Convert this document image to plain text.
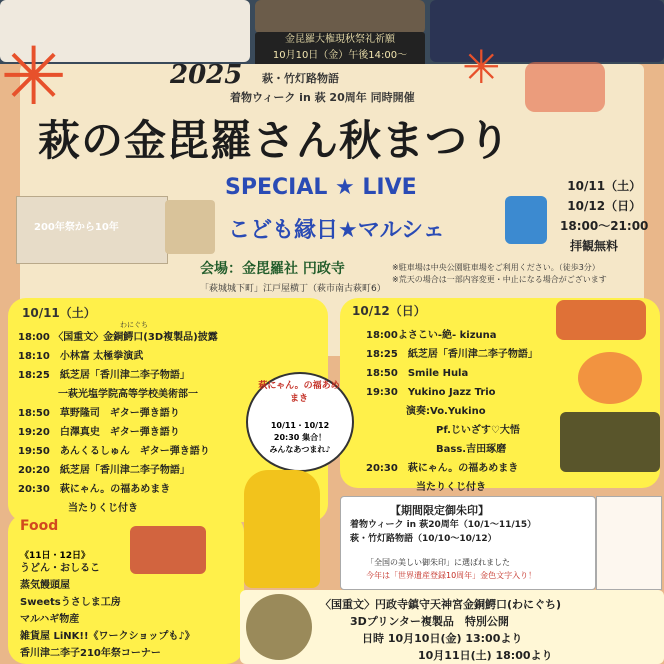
金昆羅大権現秋祭礼祈願
10月10日（金）午後14:00～
✳	✳
2025 萩・竹灯路物語
着物ウィーク in 萩 20周年 同時開催
萩の金毘羅さん秋まつり
200年祭から10年
SPECIAL ★ LIVE
こども縁日★マルシェ
10/11（土）
10/12（日）
18:00～21:00
拝観無料
会場：金毘羅社 円政寺	※駐車場は中央公園駐車場をご利用ください。（徒歩3分）
※荒天の場合は一部内容変更・中止になる場合がございます
「萩城城下町」江戸屋横丁（萩市南古萩町6）
10/11（土）
わにぐち
18:00 〈国重文〉金銅鰐口(3D複製品)披露
18:10　小林富 太極拳演武
18:25　紙芝居「香川津二李子物語」
　　　　一萩光塩学院高等学校美術部一
18:50　草野隆司　ギター弾き語り
19:20　白澤真史　ギター弾き語り
19:50　あんくるしゅん　ギター弾き語り
20:20　紙芝居「香川津二李子物語」
20:30　萩にゃん。の福あめまき
　　　　　当たりくじ付き
10/12（日）
18:00よさこい-絶- kizuna
18:25　紙芝居「香川津二李子物語」
18:50　Smile Hula
19:30　Yukino Jazz Trio
　　　　演奏:Vo.Yukino
　　　　　　　Pf.じいざす♡大悟
　　　　　　　Bass.吉田琢磨
20:30　萩にゃん。の福あめまき
　　　　　当たりくじ付き
萩にゃん。の福あめまき
10/11・10/12
20:30 集合！
みんなあつまれ♪
Food
《11日・12日》
うどん・おしるこ
蒸気饅頭屋
Sweetsうさしま工房
マルハギ物産
雑貨屋 LiNK!!《ワークショップも♪》
香川津二李子210年祭コーナー
【期間限定御朱印】
着物ウィーク in 萩20周年（10/1～11/15）
萩・竹灯路物語（10/10～10/12）
「全国の美しい御朱印」に選ばれました
今年は「世界遺産登録10周年」金色文字入り！
〈国重文〉円政寺鎮守天神宮金銅鰐口(わにぐち)
3Dプリンター複製品　特別公開
日時 10月10日(金) 13:00より
10月11日(土) 18:00より
